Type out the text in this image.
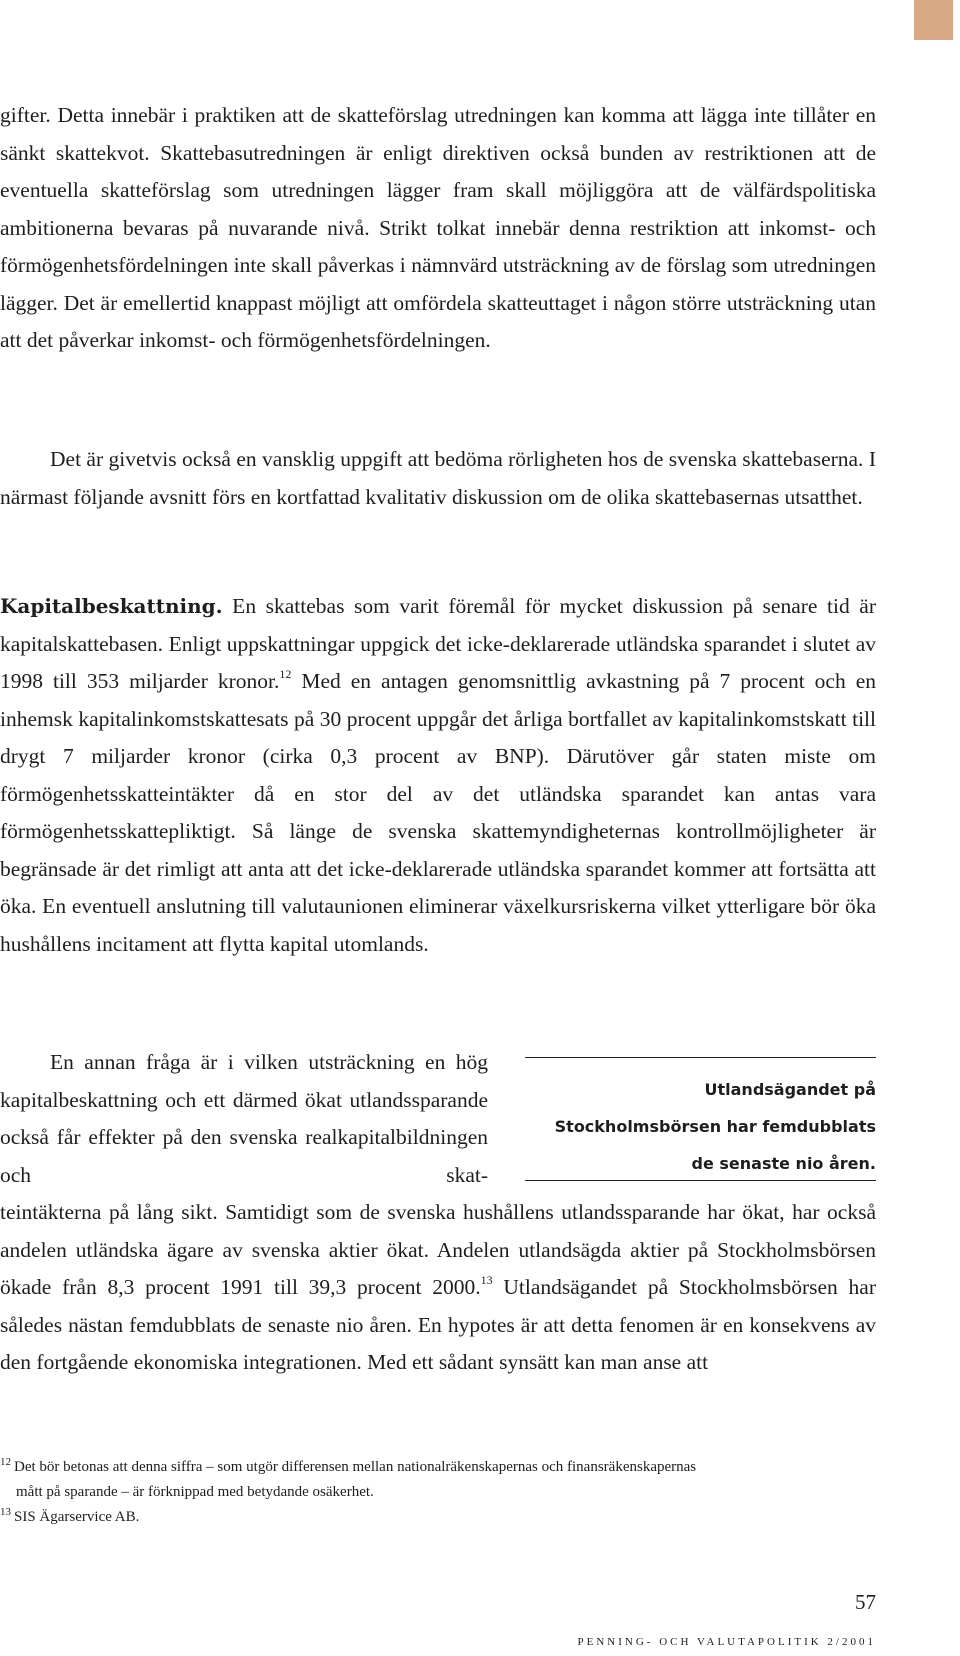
gifter. Detta innebär i praktiken att de skatteförslag utredningen kan komma att lägga inte tillåter en sänkt skattekvot. Skattebasutredningen är enligt direktiven också bunden av restriktionen att de eventuella skatteförslag som utredningen lägger fram skall möjliggöra att de välfärdspolitiska ambitionerna bevaras på nuvarande nivå. Strikt tolkat innebär denna restriktion att inkomst- och förmögenhetsfördelningen inte skall påverkas i nämnvärd utsträckning av de förslag som utredningen lägger. Det är emellertid knappast möjligt att omfördela skatteuttaget i någon större utsträckning utan att det påverkar inkomst- och förmögenhetsfördelningen.

Det är givetvis också en vansklig uppgift att bedöma rörligheten hos de svenska skattebaserna. I närmast följande avsnitt förs en kortfattad kvalitativ diskussion om de olika skattebasernas utsatthet.

Kapitalbeskattning. En skattebas som varit föremål för mycket diskussion på senare tid är kapitalskattebasen. Enligt uppskattningar uppgick det icke-deklarerade utländska sparandet i slutet av 1998 till 353 miljarder kronor.$^{12}$ Med en antagen genomsnittlig avkastning på 7 procent och en inhemsk kapitalinkomstskattesats på 30 procent uppgår det årliga bortfallet av kapitalinkomstskatt till drygt 7 miljarder kronor (cirka 0,3 procent av BNP). Därutöver går staten miste om förmögenhetsskatteintäkter då en stor del av det utländska sparandet kan antas vara förmögenhetsskattepliktigt. Så länge de svenska skattemyndigheternas kontrollmöjligheter är begränsade är det rimligt att anta att det icke-deklarerade utländska sparandet kommer att fortsätta att öka. En eventuell anslutning till valutaunionen eliminerar växelkursriskerna vilket ytterligare bör öka hushållens incitament att flytta kapital utomlands.

En annan fråga är i vilken utsträckning en hög kapitalbeskattning och ett därmed ökat utlandssparande också får effekter på den svenska realkapitalbildningen och skat-

Utlandsägandet på
Stockholmsbörsen har femdubblats
de senaste nio åren.

teintäkterna på lång sikt. Samtidigt som de svenska hushållens utlandssparande har ökat, har också andelen utländska ägare av svenska aktier ökat. Andelen utlandsägda aktier på Stockholmsbörsen ökade från 8,3 procent 1991 till 39,3 procent 2000.13 Utlandsägandet på Stockholmsbörsen har således nästan femdubblats de senaste nio åren. En hypotes är att detta fenomen är en konsekvens av den fortgående ekonomiska integrationen. Med ett sådant synsätt kan man anse att

$^{12}$ Det bör betonas att denna siffra – som utgör differensen mellan nationalräkenskapernas och finansräkenskapernas
mått på sparande – är förknippad med betydande osäkerhet.

$^{13}$ SIS Ägarservice AB.

57
PENNING- OCH VALUTAPOLITIK 2/2001
